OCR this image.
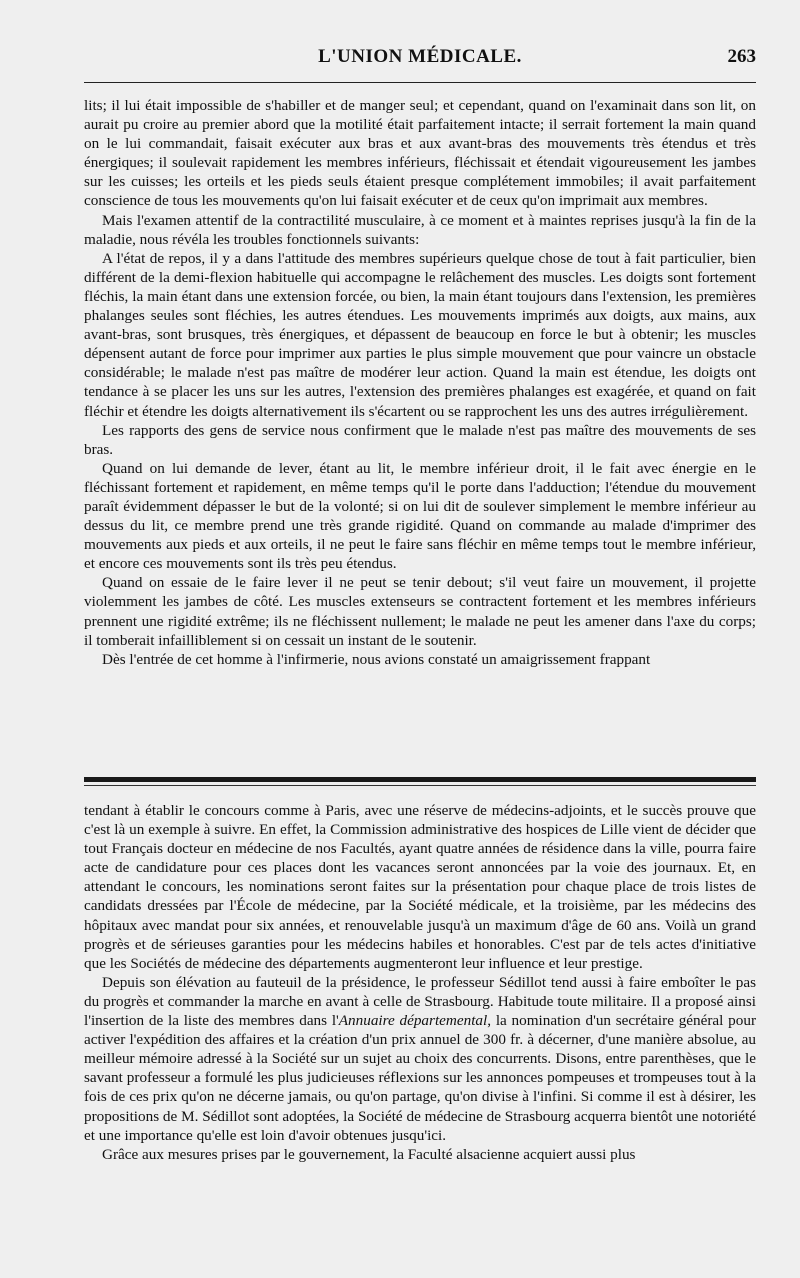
L'UNION MÉDICALE.	263

lits; il lui était impossible de s'habiller et de manger seul; et cependant, quand on l'examinait dans son lit, on aurait pu croire au premier abord que la motilité était parfaitement intacte; il serrait fortement la main quand on le lui commandait, faisait exécuter aux bras et aux avant-bras des mouvements très étendus et très énergiques; il soulevait rapidement les membres inférieurs, fléchissait et étendait vigoureusement les jambes sur les cuisses; les orteils et les pieds seuls étaient presque complétement immobiles; il avait parfaitement conscience de tous les mouvements qu'on lui faisait exécuter et de ceux qu'on imprimait aux membres.

Mais l'examen attentif de la contractilité musculaire, à ce moment et à maintes reprises jusqu'à la fin de la maladie, nous révéla les troubles fonctionnels suivants:

A l'état de repos, il y a dans l'attitude des membres supérieurs quelque chose de tout à fait particulier, bien différent de la demi-flexion habituelle qui accompagne le relâchement des muscles. Les doigts sont fortement fléchis, la main étant dans une extension forcée, ou bien, la main étant toujours dans l'extension, les premières phalanges seules sont fléchies, les autres étendues. Les mouvements imprimés aux doigts, aux mains, aux avant-bras, sont brusques, très énergiques, et dépassent de beaucoup en force le but à obtenir; les muscles dépensent autant de force pour imprimer aux parties le plus simple mouvement que pour vaincre un obstacle considérable; le malade n'est pas maître de modérer leur action. Quand la main est étendue, les doigts ont tendance à se placer les uns sur les autres, l'extension des premières phalanges est exagérée, et quand on fait fléchir et étendre les doigts alternativement ils s'écartent ou se rapprochent les uns des autres irrégulièrement.

Les rapports des gens de service nous confirment que le malade n'est pas maître des mouvements de ses bras.

Quand on lui demande de lever, étant au lit, le membre inférieur droit, il le fait avec énergie en le fléchissant fortement et rapidement, en même temps qu'il le porte dans l'adduction; l'étendue du mouvement paraît évidemment dépasser le but de la volonté; si on lui dit de soulever simplement le membre inférieur au dessus du lit, ce membre prend une très grande rigidité. Quand on commande au malade d'imprimer des mouvements aux pieds et aux orteils, il ne peut le faire sans fléchir en même temps tout le membre inférieur, et encore ces mouvements sont ils très peu étendus.

Quand on essaie de le faire lever il ne peut se tenir debout; s'il veut faire un mouvement, il projette violemment les jambes de côté. Les muscles extenseurs se contractent fortement et les membres inférieurs prennent une rigidité extrême; ils ne fléchissent nullement; le malade ne peut les amener dans l'axe du corps; il tomberait infailliblement si on cessait un instant de le soutenir.

Dès l'entrée de cet homme à l'infirmerie, nous avions constaté un amaigrissement frappant

tendant à établir le concours comme à Paris, avec une réserve de médecins-adjoints, et le succès prouve que c'est là un exemple à suivre. En effet, la Commission administrative des hospices de Lille vient de décider que tout Français docteur en médecine de nos Facultés, ayant quatre années de résidence dans la ville, pourra faire acte de candidature pour ces places dont les vacances seront annoncées par la voie des journaux. Et, en attendant le concours, les nominations seront faites sur la présentation pour chaque place de trois listes de candidats dressées par l'École de médecine, par la Société médicale, et la troisième, par les médecins des hôpitaux avec mandat pour six années, et renouvelable jusqu'à un maximum d'âge de 60 ans. Voilà un grand progrès et de sérieuses garanties pour les médecins habiles et honorables. C'est par de tels actes d'initiative que les Sociétés de médecine des départements augmenteront leur influence et leur prestige.

Depuis son élévation au fauteuil de la présidence, le professeur Sédillot tend aussi à faire emboîter le pas du progrès et commander la marche en avant à celle de Strasbourg. Habitude toute militaire. Il a proposé ainsi l'insertion de la liste des membres dans l'Annuaire départemental, la nomination d'un secrétaire général pour activer l'expédition des affaires et la création d'un prix annuel de 300 fr. à décerner, d'une manière absolue, au meilleur mémoire adressé à la Société sur un sujet au choix des concurrents. Disons, entre parenthèses, que le savant professeur a formulé les plus judicieuses réflexions sur les annonces pompeuses et trompeuses tout à la fois de ces prix qu'on ne décerne jamais, ou qu'on partage, qu'on divise à l'infini. Si comme il est à désirer, les propositions de M. Sédillot sont adoptées, la Société de médecine de Strasbourg acquerra bientôt une notoriété et une importance qu'elle est loin d'avoir obtenues jusqu'ici.

Grâce aux mesures prises par le gouvernement, la Faculté alsacienne acquiert aussi plus
